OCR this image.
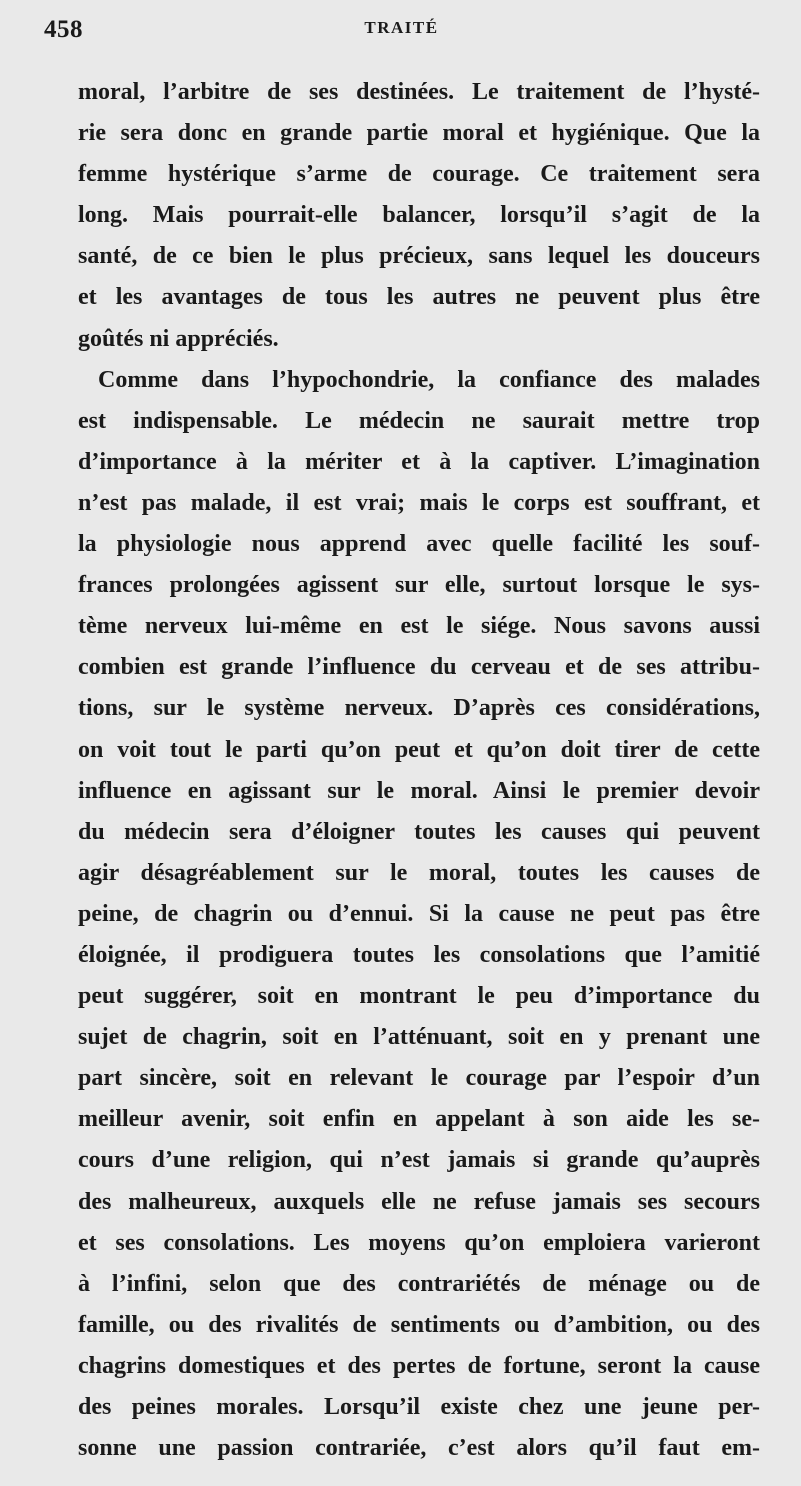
458	TRAITÉ
moral, l’arbitre de ses destinées. Le traitement de l’hysté-
rie sera donc en grande partie moral et hygiénique. Que la
femme hystérique s’arme de courage. Ce traitement sera
long. Mais pourrait-elle balancer, lorsqu’il s’agit de la
santé, de ce bien le plus précieux, sans lequel les douceurs
et les avantages de tous les autres ne peuvent plus être
goûtés ni appréciés.
Comme dans l’hypochondrie, la confiance des malades
est indispensable. Le médecin ne saurait mettre trop
d’importance à la mériter et à la captiver. L’imagination
n’est pas malade, il est vrai; mais le corps est souffrant, et
la physiologie nous apprend avec quelle facilité les souf-
frances prolongées agissent sur elle, surtout lorsque le sys-
tème nerveux lui-même en est le siége. Nous savons aussi
combien est grande l’influence du cerveau et de ses attribu-
tions, sur le système nerveux. D’après ces considérations,
on voit tout le parti qu’on peut et qu’on doit tirer de cette
influence en agissant sur le moral. Ainsi le premier devoir
du médecin sera d’éloigner toutes les causes qui peuvent
agir désagréablement sur le moral, toutes les causes de
peine, de chagrin ou d’ennui. Si la cause ne peut pas être
éloignée, il prodiguera toutes les consolations que l’amitié
peut suggérer, soit en montrant le peu d’importance du
sujet de chagrin, soit en l’atténuant, soit en y prenant une
part sincère, soit en relevant le courage par l’espoir d’un
meilleur avenir, soit enfin en appelant à son aide les se-
cours d’une religion, qui n’est jamais si grande qu’auprès
des malheureux, auxquels elle ne refuse jamais ses secours
et ses consolations. Les moyens qu’on emploiera varieront
à l’infini, selon que des contrariétés de ménage ou de
famille, ou des rivalités de sentiments ou d’ambition, ou des
chagrins domestiques et des pertes de fortune, seront la cause
des peines morales. Lorsqu’il existe chez une jeune per-
sonne une passion contrariée, c’est alors qu’il faut em-
